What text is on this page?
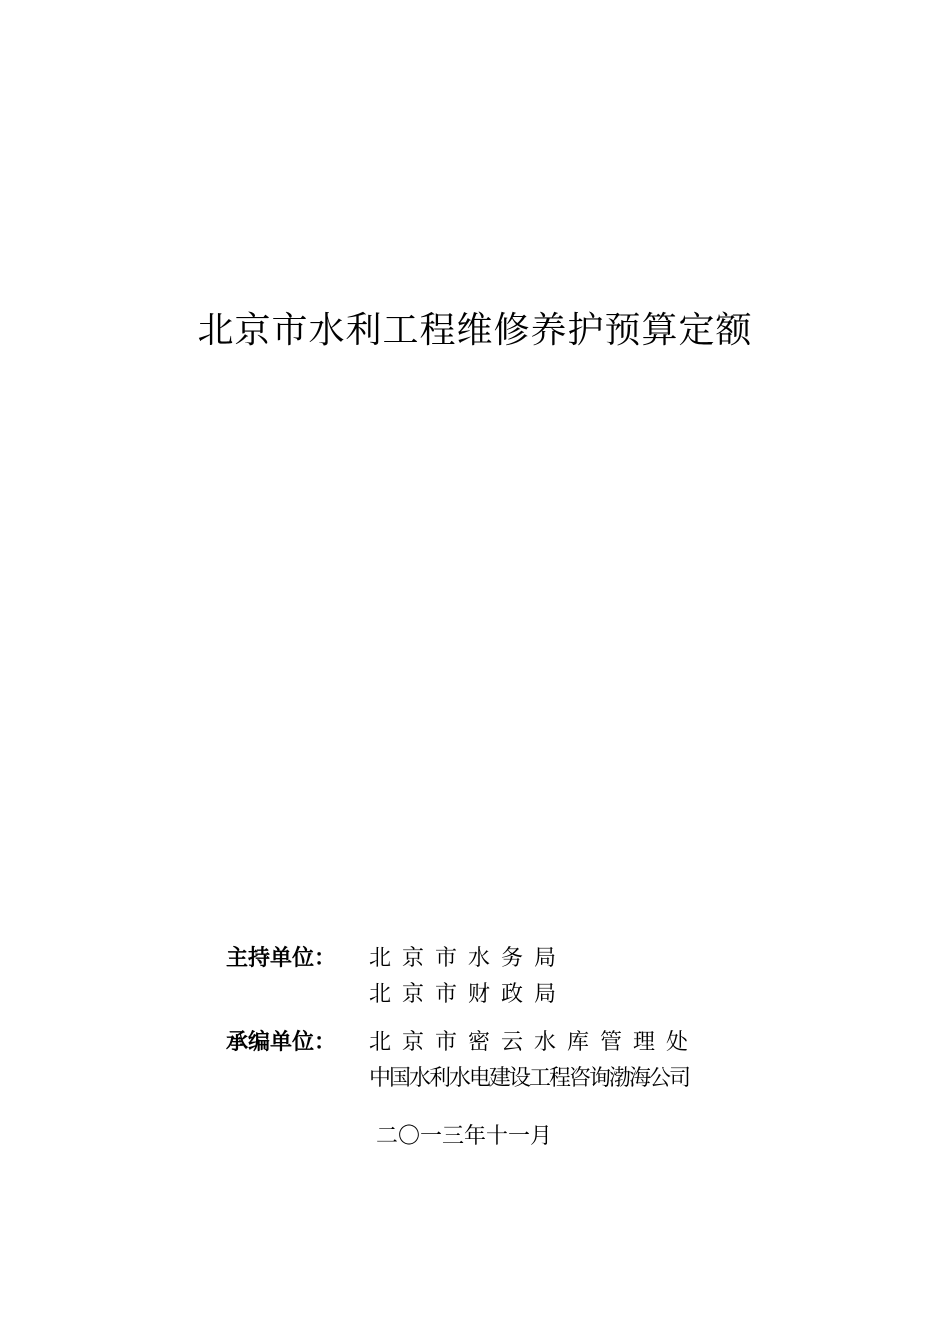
北京市水利工程维修养护预算定额
主持单位： 北京市水务局
北京市财政局
承编单位： 北京市密云水库管理处
中国水利水电建设工程咨询渤海公司
二〇一三年十一月
